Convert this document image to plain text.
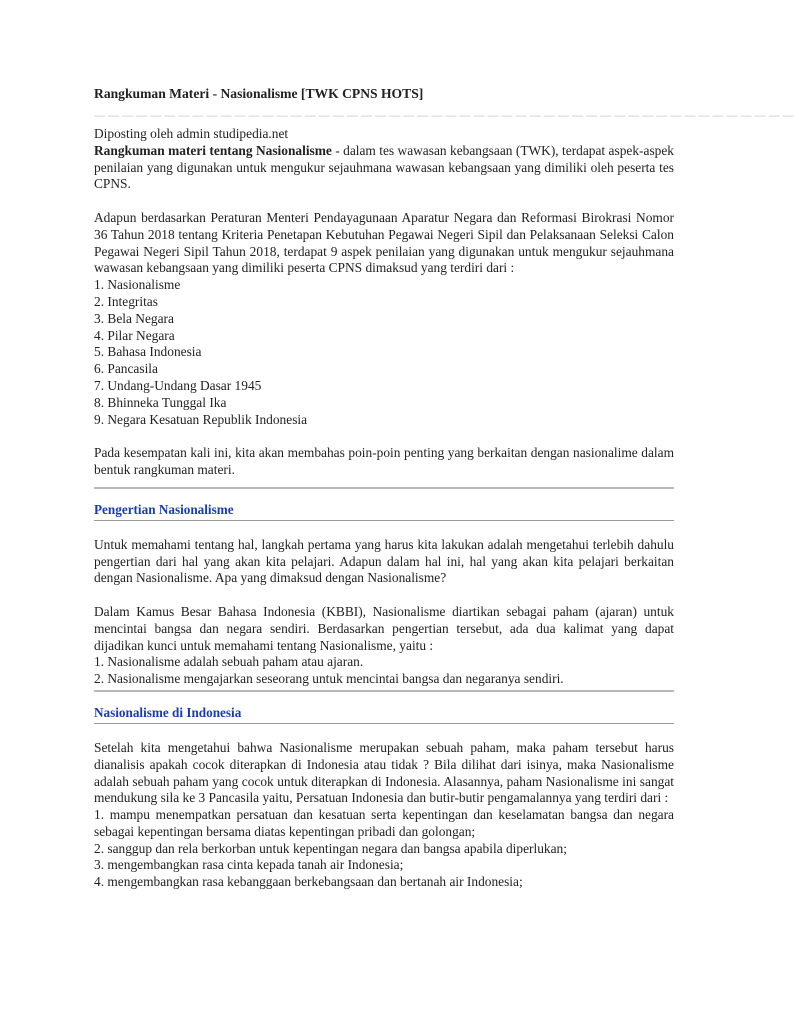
Rangkuman Materi - Nasionalisme [TWK CPNS HOTS]
— — — — — — — — — — — — — — — — — — — — — — — — — — — — — — — — — — — — — — — — — — — — — — — — — —

Diposting oleh admin studipedia.net

Rangkuman materi tentang Nasionalisme - dalam tes wawasan kebangsaan (TWK), terdapat aspek-aspek penilaian yang digunakan untuk mengukur sejauhmana wawasan kebangsaan yang dimiliki oleh peserta tes CPNS.

Adapun berdasarkan Peraturan Menteri Pendayagunaan Aparatur Negara dan Reformasi Birokrasi Nomor 36 Tahun 2018 tentang Kriteria Penetapan Kebutuhan Pegawai Negeri Sipil dan Pelaksanaan Seleksi Calon Pegawai Negeri Sipil Tahun 2018, terdapat 9 aspek penilaian yang digunakan untuk mengukur sejauhmana wawasan kebangsaan yang dimiliki peserta CPNS dimaksud yang terdiri dari :

1. Nasionalisme
2. Integritas
3. Bela Negara
4. Pilar Negara
5. Bahasa Indonesia
6. Pancasila
7. Undang-Undang Dasar 1945
8. Bhinneka Tunggal Ika
9. Negara Kesatuan Republik Indonesia

Pada kesempatan kali ini, kita akan membahas poin-poin penting yang berkaitan dengan nasionalime dalam bentuk rangkuman materi.

Pengertian Nasionalisme

Untuk memahami tentang hal, langkah pertama yang harus kita lakukan adalah mengetahui terlebih dahulu pengertian dari hal yang akan kita pelajari. Adapun dalam hal ini, hal yang akan kita pelajari berkaitan dengan Nasionalisme. Apa yang dimaksud dengan Nasionalisme?

Dalam Kamus Besar Bahasa Indonesia (KBBI), Nasionalisme diartikan sebagai paham (ajaran) untuk mencintai bangsa dan negara sendiri. Berdasarkan pengertian tersebut, ada dua kalimat yang dapat dijadikan kunci untuk memahami tentang Nasionalisme, yaitu :

1. Nasionalisme adalah sebuah paham atau ajaran.
2. Nasionalisme mengajarkan seseorang untuk mencintai bangsa dan negaranya sendiri.
Nasionalisme di Indonesia

Setelah kita mengetahui bahwa Nasionalisme merupakan sebuah paham, maka paham tersebut harus dianalisis apakah cocok diterapkan di Indonesia atau tidak ? Bila dilihat dari isinya, maka Nasionalisme adalah sebuah paham yang cocok untuk diterapkan di Indonesia. Alasannya, paham Nasionalisme ini sangat mendukung sila ke 3 Pancasila yaitu, Persatuan Indonesia dan butir-butir pengamalannya yang terdiri dari :

1. mampu menempatkan persatuan dan kesatuan serta kepentingan dan keselamatan bangsa dan negara sebagai kepentingan bersama diatas kepentingan pribadi dan golongan;
2. sanggup dan rela berkorban untuk kepentingan negara dan bangsa apabila diperlukan;
3. mengembangkan rasa cinta kepada tanah air Indonesia;
4. mengembangkan rasa kebanggaan berkebangsaan dan bertanah air Indonesia;
